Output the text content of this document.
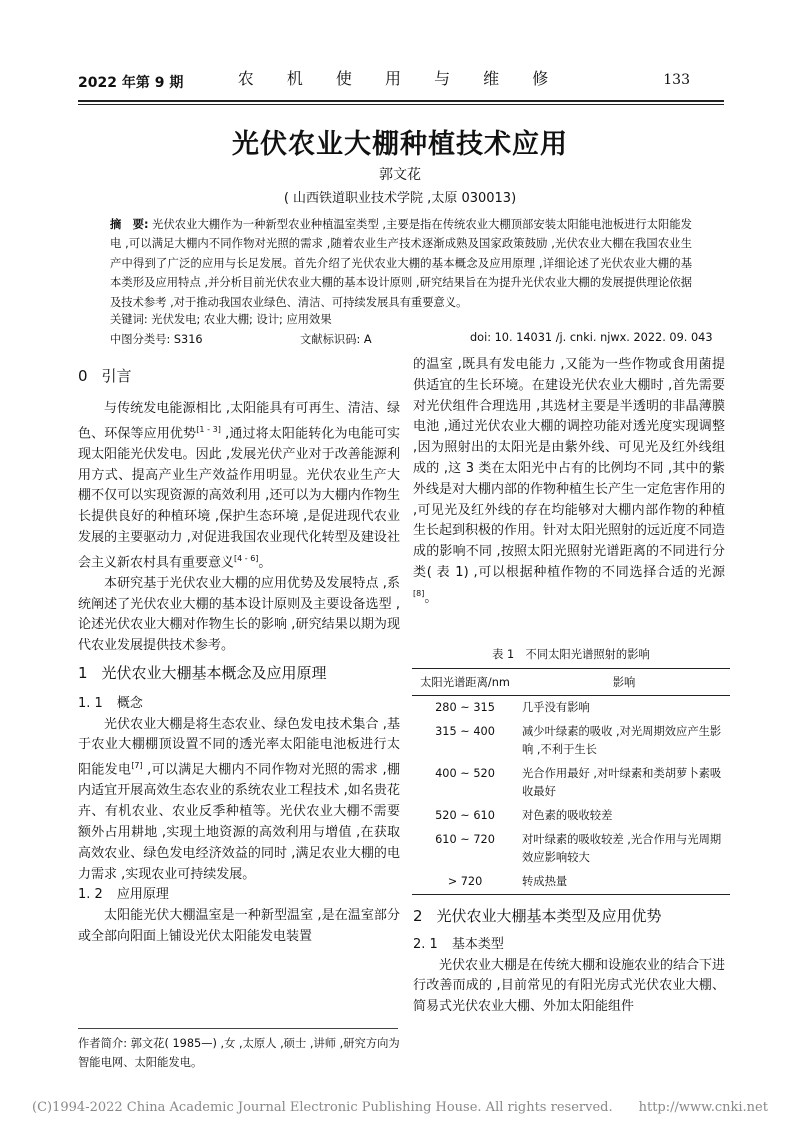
2022 年第 9 期	农 机 使 用 与 维 修	133
光伏农业大棚种植技术应用
郭文花
( 山西铁道职业技术学院 ,太原 030013)
摘　要: 光伏农业大棚作为一种新型农业种植温室类型 ,主要是指在传统农业大棚顶部安装太阳能电池板进行太阳能发电 ,可以满足大棚内不同作物对光照的需求 ,随着农业生产技术逐渐成熟及国家政策鼓励 ,光伏农业大棚在我国农业生产中得到了广泛的应用与长足发展。首先介绍了光伏农业大棚的基本概念及应用原理 ,详细论述了光伏农业大棚的基本类形及应用特点 ,并分析目前光伏农业大棚的基本设计原则 ,研究结果旨在为提升光伏农业大棚的发展提供理论依据及技术参考 ,对于推动我国农业绿色、清洁、可持续发展具有重要意义。
关键词: 光伏发电; 农业大棚; 设计; 应用效果
中图分类号: S316	文献标识码: A	doi: 10. 14031 /j. cnki. njwx. 2022. 09. 043
0 引言

与传统发电能源相比 ,太阳能具有可再生、清洁、绿色、环保等应用优势[1 - 3] ,通过将太阳能转化为电能可实现太阳能光伏发电。因此 ,发展光伏产业对于改善能源利用方式、提高产业生产效益作用明显。光伏农业生产大棚不仅可以实现资源的高效利用 ,还可以为大棚内作物生长提供良好的种植环境 ,保护生态环境 ,是促进现代农业发展的主要驱动力 ,对促进我国农业现代化转型及建设社会主义新农村具有重要意义[4 - 6]。

本研究基于光伏农业大棚的应用优势及发展特点 ,系统阐述了光伏农业大棚的基本设计原则及主要设备选型 ,论述光伏农业大棚对作物生长的影响 ,研究结果以期为现代农业发展提供技术参考。

1 光伏农业大棚基本概念及应用原理
1. 1 概念

光伏农业大棚是将生态农业、绿色发电技术集合 ,基于农业大棚棚顶设置不同的透光率太阳能电池板进行太阳能发电[7] ,可以满足大棚内不同作物对光照的需求 ,棚内适宜开展高效生态农业的系统农业工程技术 ,如名贵花卉、有机农业、农业反季种植等。光伏农业大棚不需要额外占用耕地 ,实现土地资源的高效利用与增值 ,在获取高效农业、绿色发电经济效益的同时 ,满足农业大棚的电力需求 ,实现农业可持续发展。

1. 2 应用原理

太阳能光伏大棚温室是一种新型温室 ,是在温室部分或全部向阳面上铺设光伏太阳能发电装置

的温室 ,既具有发电能力 ,又能为一些作物或食用菌提供适宜的生长环境。在建设光伏农业大棚时 ,首先需要对光伏组件合理选用 ,其选材主要是半透明的非晶薄膜电池 ,通过光伏农业大棚的调控功能对透光度实现调整 ,因为照射出的太阳光是由紫外线、可见光及红外线组成的 ,这 3 类在太阳光中占有的比例均不同 ,其中的紫外线是对大棚内部的作物种植生长产生一定危害作用的 ,可见光及红外线的存在均能够对大棚内部作物的种植生长起到积极的作用。针对太阳光照射的远近度不同造成的影响不同 ,按照太阳光照射光谱距离的不同进行分类( 表 1) ,可以根据种植作物的不同选择合适的光源[8]。

表 1　不同太阳光谱照射的影响
太阳光谱距离/nm	影响
280 ~ 315	几乎没有影响
315 ~ 400	减少叶绿素的吸收 ,对光周期效应产生影响 ,不利于生长
400 ~ 520	光合作用最好 ,对叶绿素和类胡萝卜素吸收最好
520 ~ 610	对色素的吸收较差
610 ~ 720	对叶绿素的吸收较差 ,光合作用与光周期效应影响较大
> 720	转成热量
2 光伏农业大棚基本类型及应用优势
2. 1 基本类型

光伏农业大棚是在传统大棚和设施农业的结合下进行改善而成的 ,目前常见的有阳光房式光伏农业大棚、简易式光伏农业大棚、外加太阳能组件

作者简介: 郭文花( 1985—) ,女 ,太原人 ,硕士 ,讲师 ,研究方向为智能电网、太阳能发电。
(C)1994-2022 China Academic Journal Electronic Publishing House. All rights reserved.　　http://www.cnki.net
